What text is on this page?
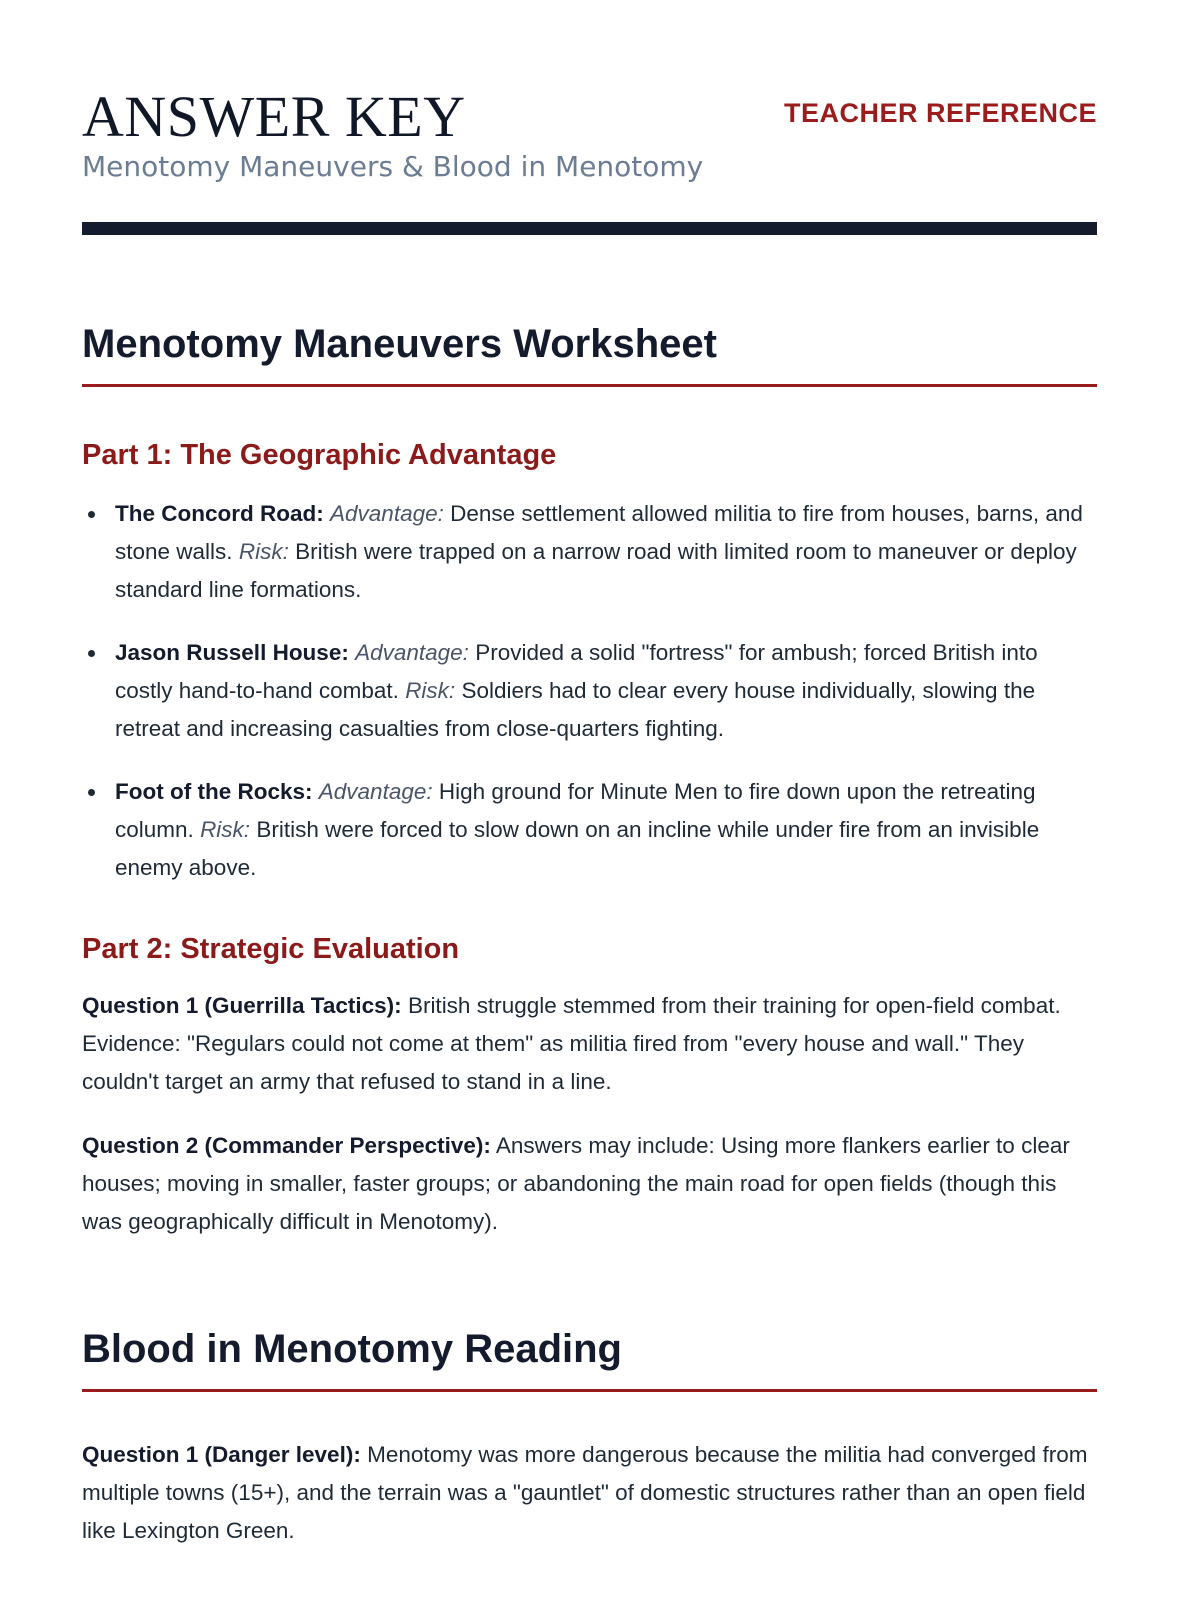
ANSWER KEY
Menotomy Maneuvers & Blood in Menotomy
TEACHER REFERENCE
Menotomy Maneuvers Worksheet
Part 1: The Geographic Advantage
The Concord Road: Advantage: Dense settlement allowed militia to fire from houses, barns, and stone walls. Risk: British were trapped on a narrow road with limited room to maneuver or deploy standard line formations.
Jason Russell House: Advantage: Provided a solid "fortress" for ambush; forced British into costly hand-to-hand combat. Risk: Soldiers had to clear every house individually, slowing the retreat and increasing casualties from close-quarters fighting.
Foot of the Rocks: Advantage: High ground for Minute Men to fire down upon the retreating column. Risk: British were forced to slow down on an incline while under fire from an invisible enemy above.
Part 2: Strategic Evaluation

Question 1 (Guerrilla Tactics): British struggle stemmed from their training for open-field combat. Evidence: "Regulars could not come at them" as militia fired from "every house and wall." They couldn't target an army that refused to stand in a line.

Question 2 (Commander Perspective): Answers may include: Using more flankers earlier to clear houses; moving in smaller, faster groups; or abandoning the main road for open fields (though this was geographically difficult in Menotomy).

Blood in Menotomy Reading

Question 1 (Danger level): Menotomy was more dangerous because the militia had converged from multiple towns (15+), and the terrain was a "gauntlet" of domestic structures rather than an open field like Lexington Green.
